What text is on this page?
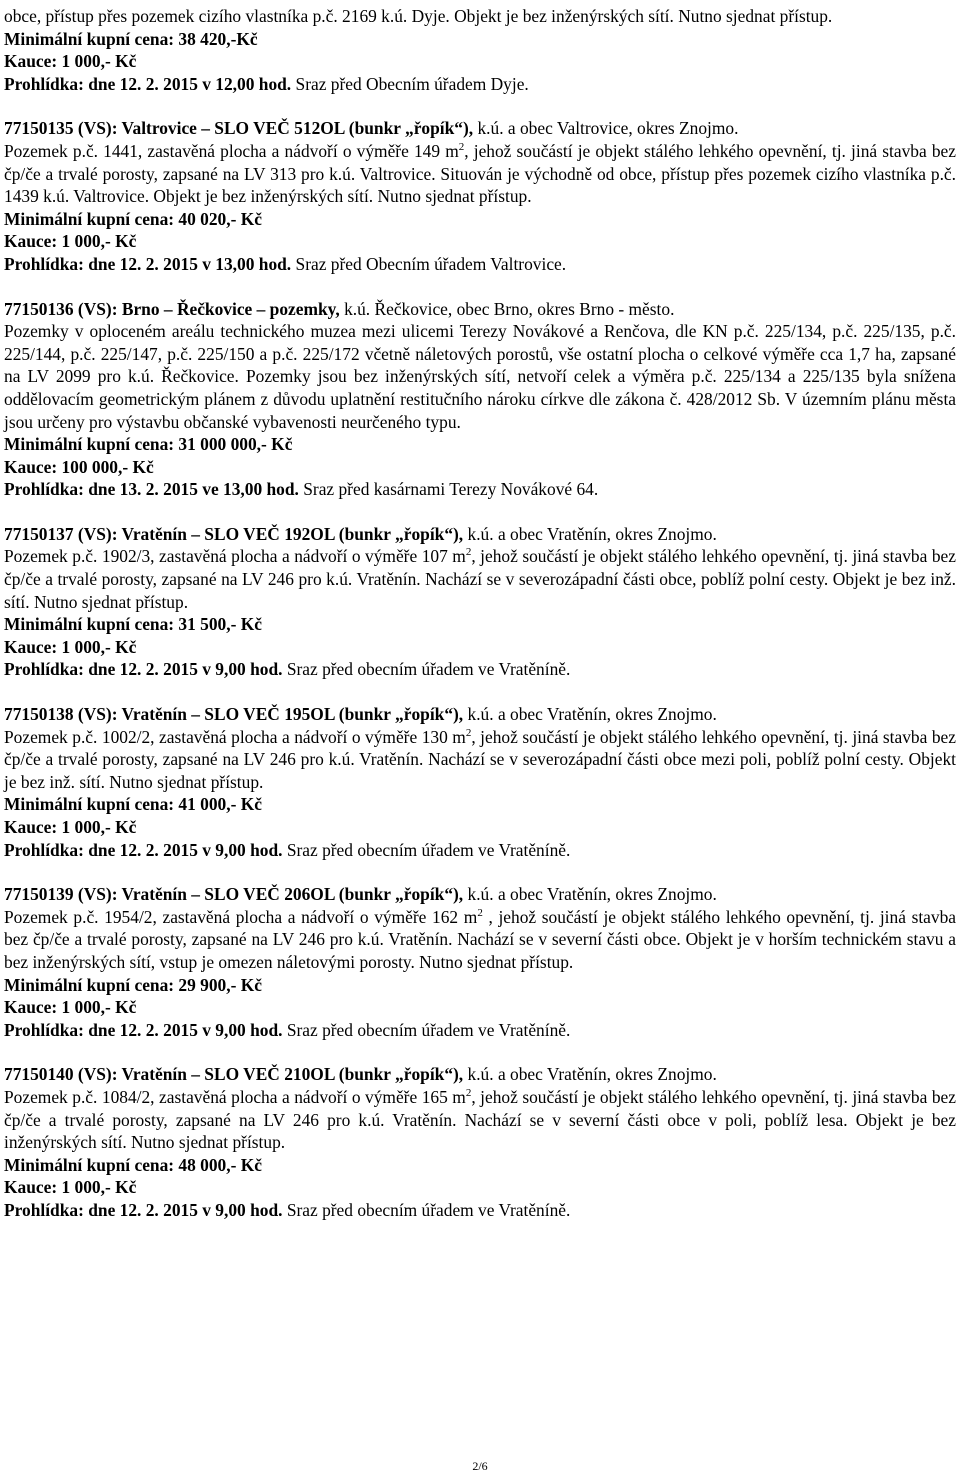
obce, přístup přes pozemek cizího vlastníka p.č. 2169 k.ú. Dyje. Objekt je bez inženýrských sítí. Nutno sjednat přístup.

Minimální kupní cena: 38 420,-Kč

Kauce: 1 000,- Kč

Prohlídka: dne 12. 2. 2015 v 12,00 hod. Sraz před Obecním úřadem Dyje.

77150135 (VS): Valtrovice – SLO VEČ 512OL (bunkr „řopík“), k.ú. a obec Valtrovice, okres Znojmo.

Pozemek p.č. 1441, zastavěná plocha a nádvoří o výměře 149 $m^2$, jehož součástí je objekt stálého lehkého opevnění, tj. jiná stavba bez čp/če a trvalé porosty, zapsané na LV 313 pro k.ú. Valtrovice. Situován je východně od obce, přístup přes pozemek cizího vlastníka p.č. 1439 k.ú. Valtrovice. Objekt je bez inženýrských sítí. Nutno sjednat přístup.

Minimální kupní cena: 40 020,- Kč

Kauce: 1 000,- Kč

Prohlídka: dne 12. 2. 2015 v 13,00 hod. Sraz před Obecním úřadem Valtrovice.

77150136 (VS): Brno – Řečkovice – pozemky, k.ú. Řečkovice, obec Brno, okres Brno - město.

Pozemky v oploceném areálu technického muzea mezi ulicemi Terezy Novákové a Renčova, dle KN p.č. 225/134, p.č. 225/135, p.č. 225/144, p.č. 225/147, p.č. 225/150 a p.č. 225/172 včetně náletových porostů, vše ostatní plocha o celkové výměře cca 1,7 ha, zapsané na LV 2099 pro k.ú. Řečkovice. Pozemky jsou bez inženýrských sítí, netvoří celek a výměra p.č. 225/134 a 225/135 byla snížena oddělovacím geometrickým plánem z důvodu uplatnění restitučního nároku církve dle zákona č. 428/2012 Sb. V územním plánu města jsou určeny pro výstavbu občanské vybavenosti neurčeného typu.

Minimální kupní cena: 31 000 000,- Kč

Kauce: 100 000,- Kč

Prohlídka: dne 13. 2. 2015 ve 13,00 hod. Sraz před kasárnami Terezy Novákové 64.

77150137 (VS): Vratěnín – SLO VEČ 192OL (bunkr „řopík“), k.ú. a obec Vratěnín, okres Znojmo.

Pozemek p.č. 1902/3, zastavěná plocha a nádvoří o výměře 107 $m^2$, jehož součástí je objekt stálého lehkého opevnění, tj. jiná stavba bez čp/če a trvalé porosty, zapsané na LV 246 pro k.ú. Vratěnín. Nachází se v severozápadní části obce, poblíž polní cesty. Objekt je bez inž. sítí. Nutno sjednat přístup.

Minimální kupní cena: 31 500,- Kč

Kauce: 1 000,- Kč

Prohlídka: dne 12. 2. 2015 v 9,00 hod. Sraz před obecním úřadem ve Vratěníně.

77150138 (VS): Vratěnín – SLO VEČ 195OL (bunkr „řopík“), k.ú. a obec Vratěnín, okres Znojmo.

Pozemek p.č. 1002/2, zastavěná plocha a nádvoří o výměře 130 $m^2$, jehož součástí je objekt stálého lehkého opevnění, tj. jiná stavba bez čp/če a trvalé porosty, zapsané na LV 246 pro k.ú. Vratěnín. Nachází se v severozápadní části obce mezi poli, poblíž polní cesty. Objekt je bez inž. sítí. Nutno sjednat přístup.

Minimální kupní cena: 41 000,- Kč

Kauce: 1 000,- Kč

Prohlídka: dne 12. 2. 2015 v 9,00 hod. Sraz před obecním úřadem ve Vratěníně.

77150139 (VS): Vratěnín – SLO VEČ 206OL (bunkr „řopík“), k.ú. a obec Vratěnín, okres Znojmo.

Pozemek p.č. 1954/2, zastavěná plocha a nádvoří o výměře 162 $m^2$ , jehož součástí je objekt stálého lehkého opevnění, tj. jiná stavba bez čp/če a trvalé porosty, zapsané na LV 246 pro k.ú. Vratěnín. Nachází se v severní části obce. Objekt je v horším technickém stavu a bez inženýrských sítí, vstup je omezen náletovými porosty. Nutno sjednat přístup.

Minimální kupní cena: 29 900,- Kč

Kauce: 1 000,- Kč

Prohlídka: dne 12. 2. 2015 v 9,00 hod. Sraz před obecním úřadem ve Vratěníně.

77150140 (VS): Vratěnín – SLO VEČ 210OL (bunkr „řopík“), k.ú. a obec Vratěnín, okres Znojmo.

Pozemek p.č. 1084/2, zastavěná plocha a nádvoří o výměře 165 $m^2$, jehož součástí je objekt stálého lehkého opevnění, tj. jiná stavba bez čp/če a trvalé porosty, zapsané na LV 246 pro k.ú. Vratěnín. Nachází se v severní části obce v poli, poblíž lesa. Objekt je bez inženýrských sítí. Nutno sjednat přístup.

Minimální kupní cena: 48 000,- Kč

Kauce: 1 000,- Kč

Prohlídka: dne 12. 2. 2015 v 9,00 hod. Sraz před obecním úřadem ve Vratěníně.

2/6
